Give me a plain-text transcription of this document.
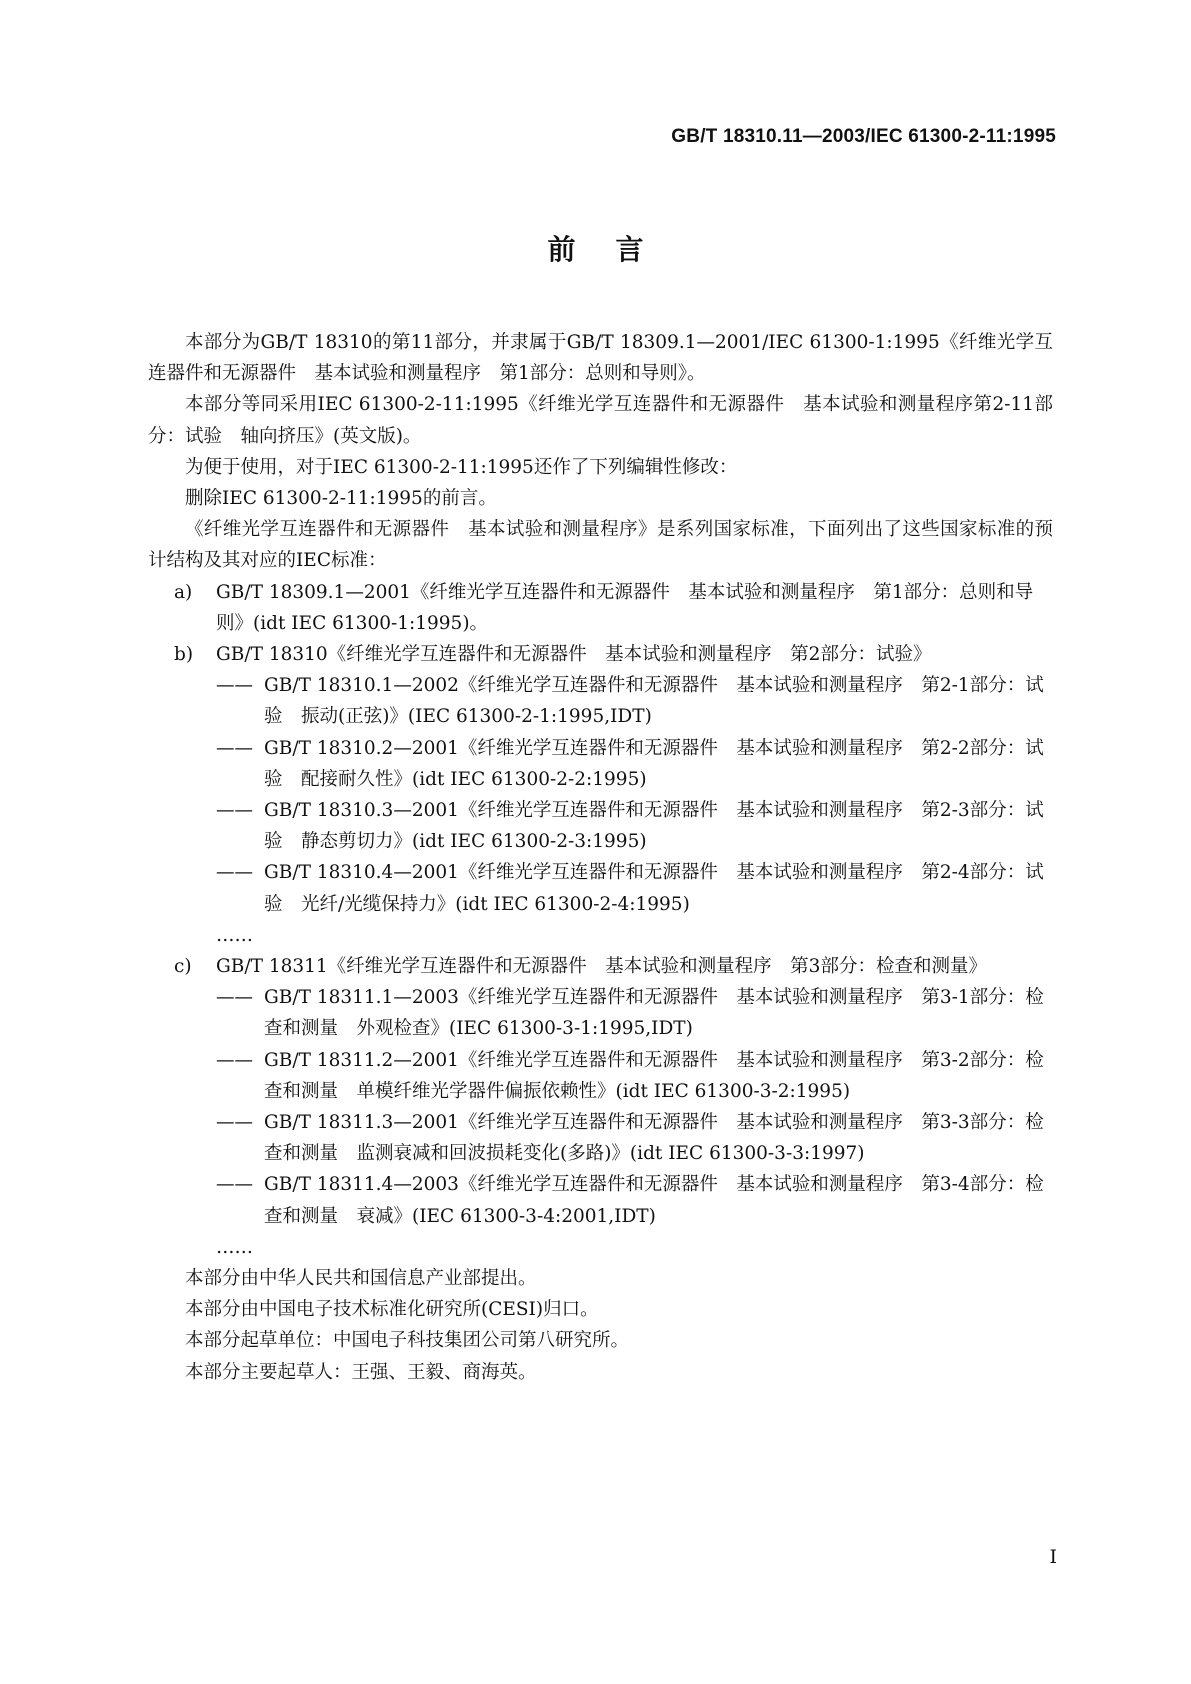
GB/T 18310.11—2003/IEC 61300-2-11:1995
前言

本部分为GB/T 18310的第11部分，并隶属于GB/T 18309.1—2001/IEC 61300-1:1995《纤维光学互连器件和无源器件　基本试验和测量程序　第1部分：总则和导则》。

本部分等同采用IEC 61300-2-11:1995《纤维光学互连器件和无源器件　基本试验和测量程序第2-11部分：试验　轴向挤压》(英文版)。

为便于使用，对于IEC 61300-2-11:1995还作了下列编辑性修改：

删除IEC 61300-2-11:1995的前言。

《纤维光学互连器件和无源器件　基本试验和测量程序》是系列国家标准，下面列出了这些国家标准的预计结构及其对应的IEC标准：

a) GB/T 18309.1—2001《纤维光学互连器件和无源器件　基本试验和测量程序　第1部分：总则和导则》(idt IEC 61300-1:1995)。
b) GB/T 18310《纤维光学互连器件和无源器件　基本试验和测量程序　第2部分：试验》
—— GB/T 18310.1—2002《纤维光学互连器件和无源器件　基本试验和测量程序　第2-1部分：试验　振动(正弦)》(IEC 61300-2-1:1995,IDT)
—— GB/T 18310.2—2001《纤维光学互连器件和无源器件　基本试验和测量程序　第2-2部分：试验　配接耐久性》(idt IEC 61300-2-2:1995)
—— GB/T 18310.3—2001《纤维光学互连器件和无源器件　基本试验和测量程序　第2-3部分：试验　静态剪切力》(idt IEC 61300-2-3:1995)
—— GB/T 18310.4—2001《纤维光学互连器件和无源器件　基本试验和测量程序　第2-4部分：试验　光纤/光缆保持力》(idt IEC 61300-2-4:1995)
……
c) GB/T 18311《纤维光学互连器件和无源器件　基本试验和测量程序　第3部分：检查和测量》
—— GB/T 18311.1—2003《纤维光学互连器件和无源器件　基本试验和测量程序　第3-1部分：检查和测量　外观检查》(IEC 61300-3-1:1995,IDT)
—— GB/T 18311.2—2001《纤维光学互连器件和无源器件　基本试验和测量程序　第3-2部分：检查和测量　单模纤维光学器件偏振依赖性》(idt IEC 61300-3-2:1995)
—— GB/T 18311.3—2001《纤维光学互连器件和无源器件　基本试验和测量程序　第3-3部分：检查和测量　监测衰减和回波损耗变化(多路)》(idt IEC 61300-3-3:1997)
—— GB/T 18311.4—2003《纤维光学互连器件和无源器件　基本试验和测量程序　第3-4部分：检查和测量　衰减》(IEC 61300-3-4:2001,IDT)
……

本部分由中华人民共和国信息产业部提出。

本部分由中国电子技术标准化研究所(CESI)归口。

本部分起草单位：中国电子科技集团公司第八研究所。

本部分主要起草人：王强、王毅、商海英。

I
